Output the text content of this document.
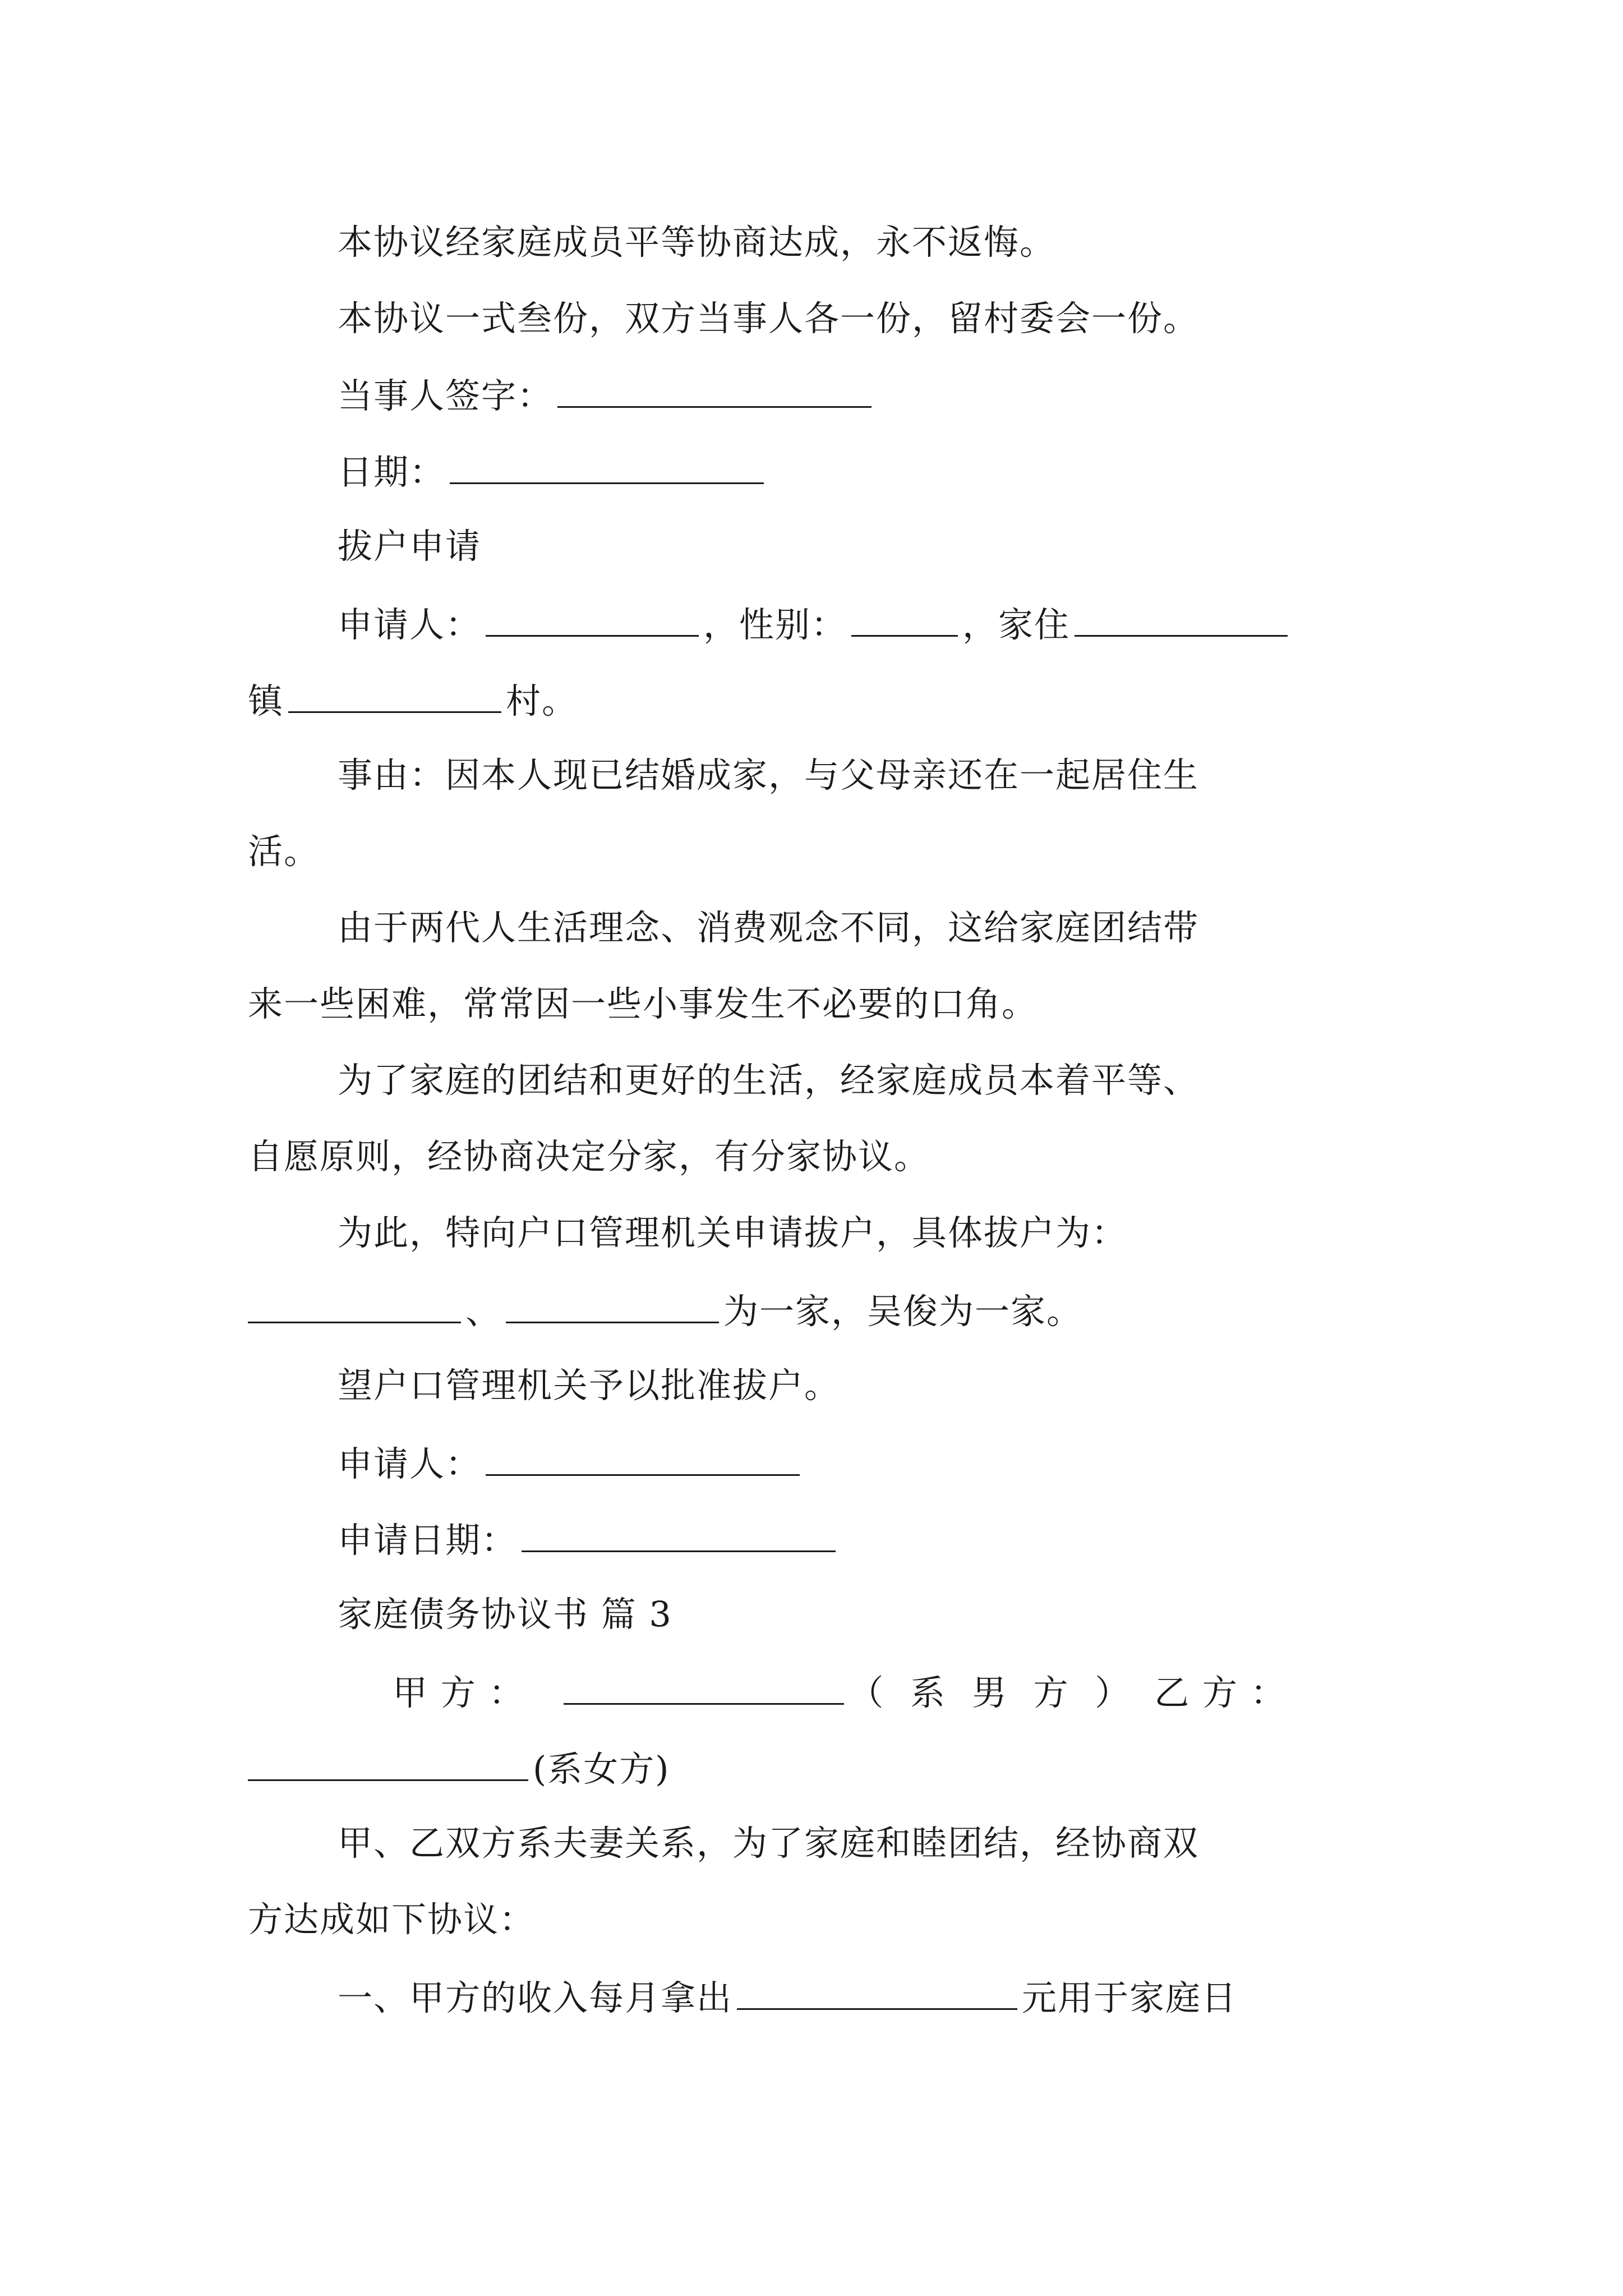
本协议经家庭成员平等协商达成，永不返悔。
本协议一式叁份，双方当事人各一份，留村委会一份。
当事人签字：
日期：
拔户申请
申请人：	，性别：	，家住
镇	村。
事由：因本人现已结婚成家，与父母亲还在一起居住生
活。
由于两代人生活理念、消费观念不同，这给家庭团结带
来一些困难，常常因一些小事发生不必要的口角。
为了家庭的团结和更好的生活，经家庭成员本着平等、
自愿原则，经协商决定分家，有分家协议。
为此，特向户口管理机关申请拔户，具体拔户为：
、	为一家，吴俊为一家。
望户口管理机关予以批准拔户。
申请人：
申请日期：
家庭债务协议书 篇 3
甲 方 ：	（ 系 男 方 ） 乙 方 ：
(系女方)
甲、乙双方系夫妻关系，为了家庭和睦团结，经协商双
方达成如下协议：
一、甲方的收入每月拿出	元用于家庭日
